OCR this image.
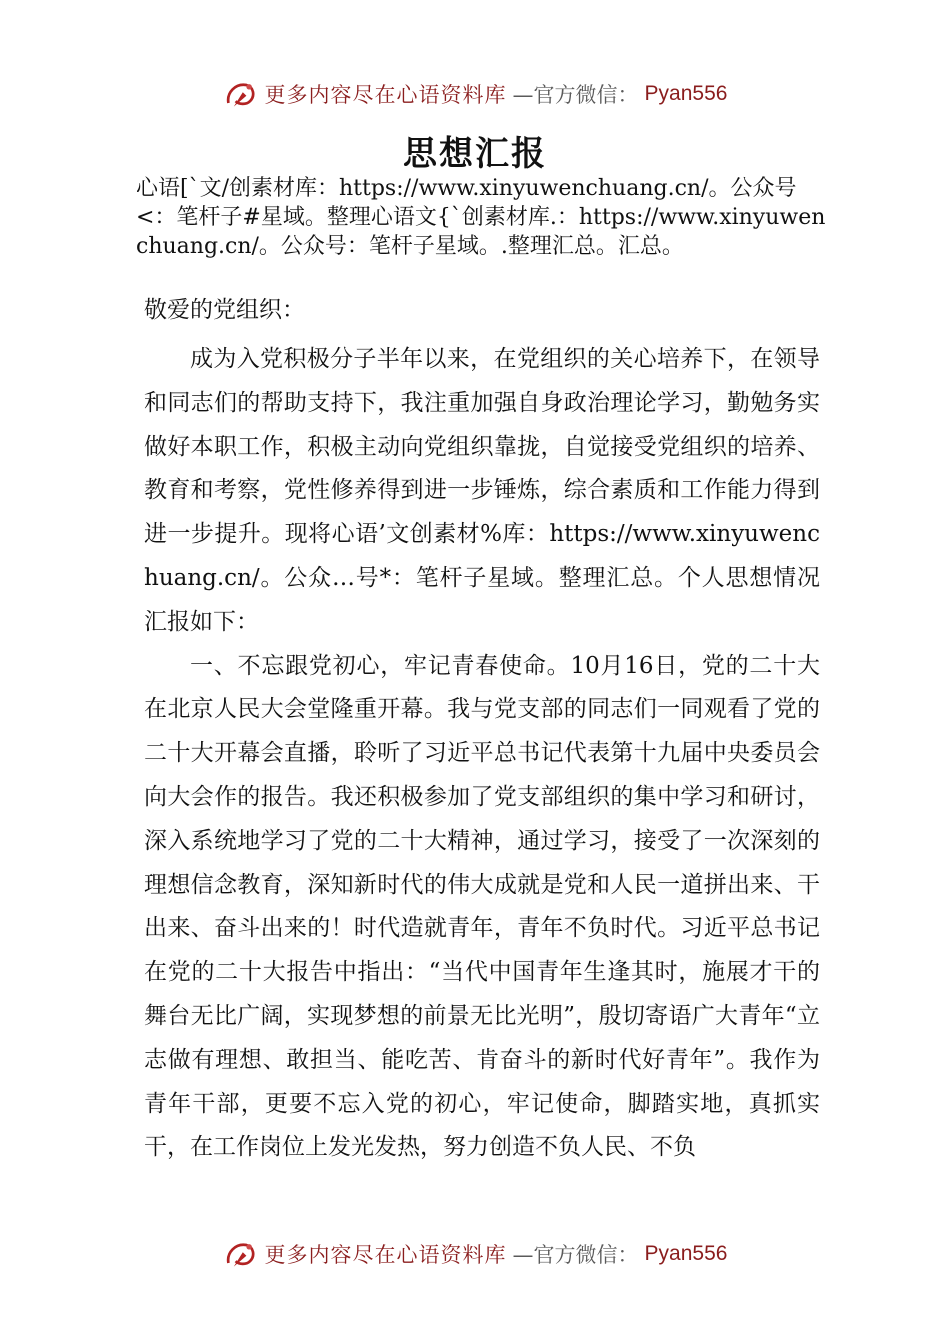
更多内容尽在心语资料库 —官方微信： Pyan556
思想汇报

心语[`文/创素材库：https://www.xinyuwenchuang.cn/。公众号<：笔杆子#星域。整理心语文{`创素材库.：https://www.xinyuwenchuang.cn/。公众号：笔杆子星域。.整理汇总。汇总。

敬爱的党组织：

成为入党积极分子半年以来，在党组织的关心培养下，在领导和同志们的帮助支持下，我注重加强自身政治理论学习，勤勉务实做好本职工作，积极主动向党组织靠拢，自觉接受党组织的培养、教育和考察，党性修养得到进一步锤炼，综合素质和工作能力得到进一步提升。现将心语’文创素材%库：https://www.xinyuwenchuang.cn/。公众…号*：笔杆子星域。整理汇总。个人思想情况汇报如下：

一、不忘跟党初心，牢记青春使命。10月16日，党的二十大在北京人民大会堂隆重开幕。我与党支部的同志们一同观看了党的二十大开幕会直播，聆听了习近平总书记代表第十九届中央委员会向大会作的报告。我还积极参加了党支部组织的集中学习和研讨，深入系统地学习了党的二十大精神，通过学习，接受了一次深刻的理想信念教育，深知新时代的伟大成就是党和人民一道拼出来、干出来、奋斗出来的！时代造就青年，青年不负时代。习近平总书记在党的二十大报告中指出：“当代中国青年生逢其时，施展才干的舞台无比广阔，实现梦想的前景无比光明”，殷切寄语广大青年“立志做有理想、敢担当、能吃苦、肯奋斗的新时代好青年”。我作为青年干部，更要不忘入党的初心，牢记使命，脚踏实地，真抓实干，在工作岗位上发光发热，努力创造不负人民、不负

更多内容尽在心语资料库 —官方微信： Pyan556
